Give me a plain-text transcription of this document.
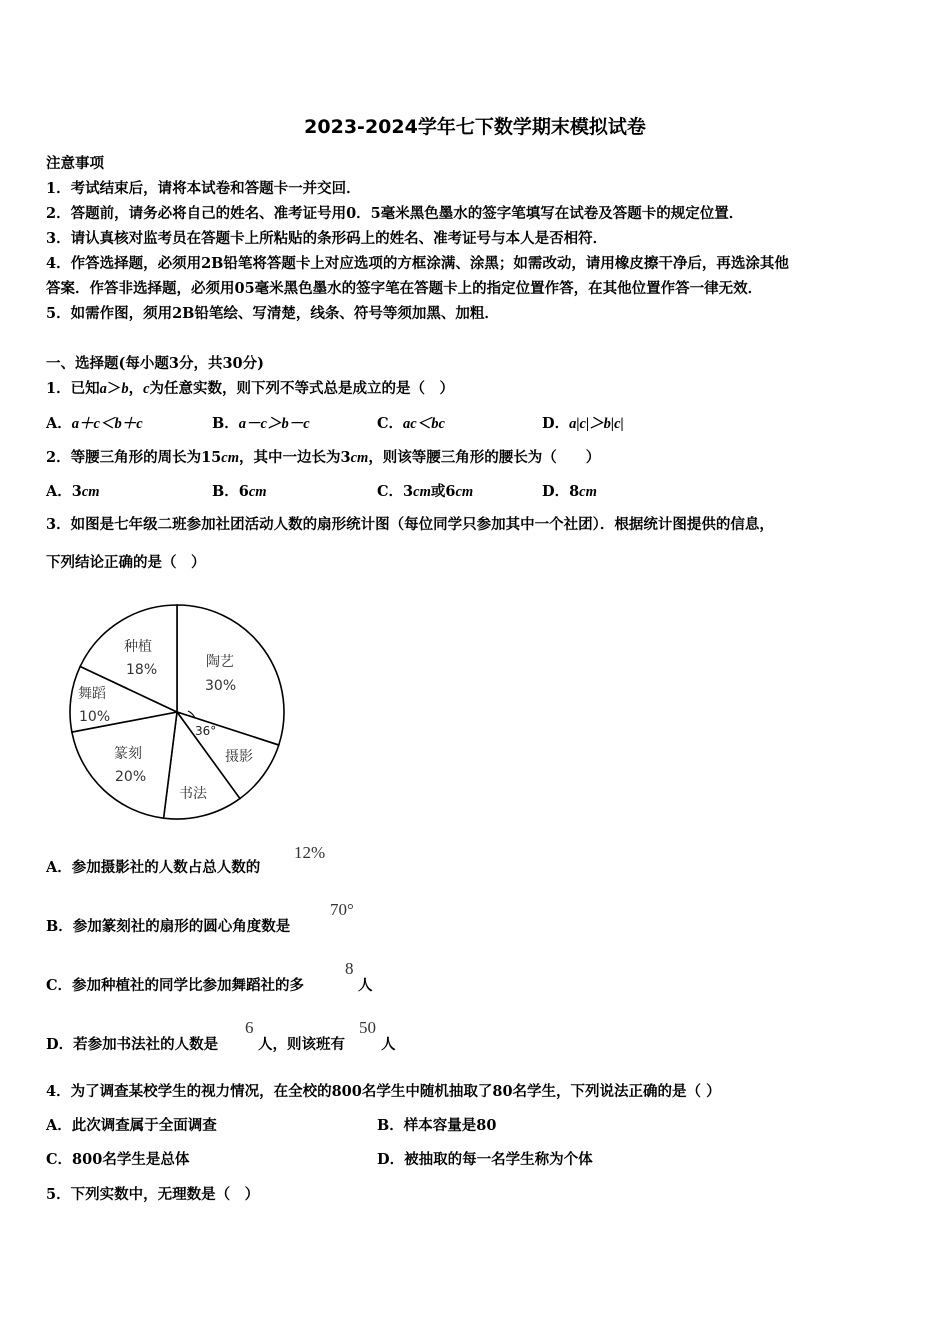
2023-2024学年七下数学期末模拟试卷
注意事项
1．考试结束后，请将本试卷和答题卡一并交回．
2．答题前，请务必将自己的姓名、准考证号用0．5毫米黑色墨水的签字笔填写在试卷及答题卡的规定位置．
3．请认真核对监考员在答题卡上所粘贴的条形码上的姓名、准考证号与本人是否相符．
4．作答选择题，必须用2B铅笔将答题卡上对应选项的方框涂满、涂黑；如需改动，请用橡皮擦干净后，再选涂其他
答案．作答非选择题，必须用05毫米黑色墨水的签字笔在答题卡上的指定位置作答，在其他位置作答一律无效．
5．如需作图，须用2B铅笔绘、写清楚，线条、符号等须加黑、加粗．
一、选择题(每小题3分，共30分)
1．已知a＞b，c为任意实数，则下列不等式总是成立的是（　）
A．a＋c＜b＋c	B．a－c＞b－c	C．ac＜bc	D．a|c|＞b|c|
2．等腰三角形的周长为15cm，其中一边长为3cm，则该等腰三角形的腰长为（　　）
A．3cm	B．6cm	C．3cm或6cm	D．8cm
3．如图是七年级二班参加社团活动人数的扇形统计图（每位同学只参加其中一个社团）．根据统计图提供的信息，
下列结论正确的是（　）
36°
陶艺
30%
摄影
书法
篆刻
20%
舞蹈
10%
种植
18%
A．参加摄影社的人数占总人数的
12%
B．参加篆刻社的扇形的圆心角度数是
70°
C．参加种植社的同学比参加舞蹈社的多
8
人
D．若参加书法社的人数是
6
人，则该班有
50
人
4．为了调查某校学生的视力情况，在全校的800名学生中随机抽取了80名学生，下列说法正确的是（ ）
A．此次调查属于全面调查	B．样本容量是80
C．800名学生是总体	D．被抽取的每一名学生称为个体
5．下列实数中，无理数是（　）
